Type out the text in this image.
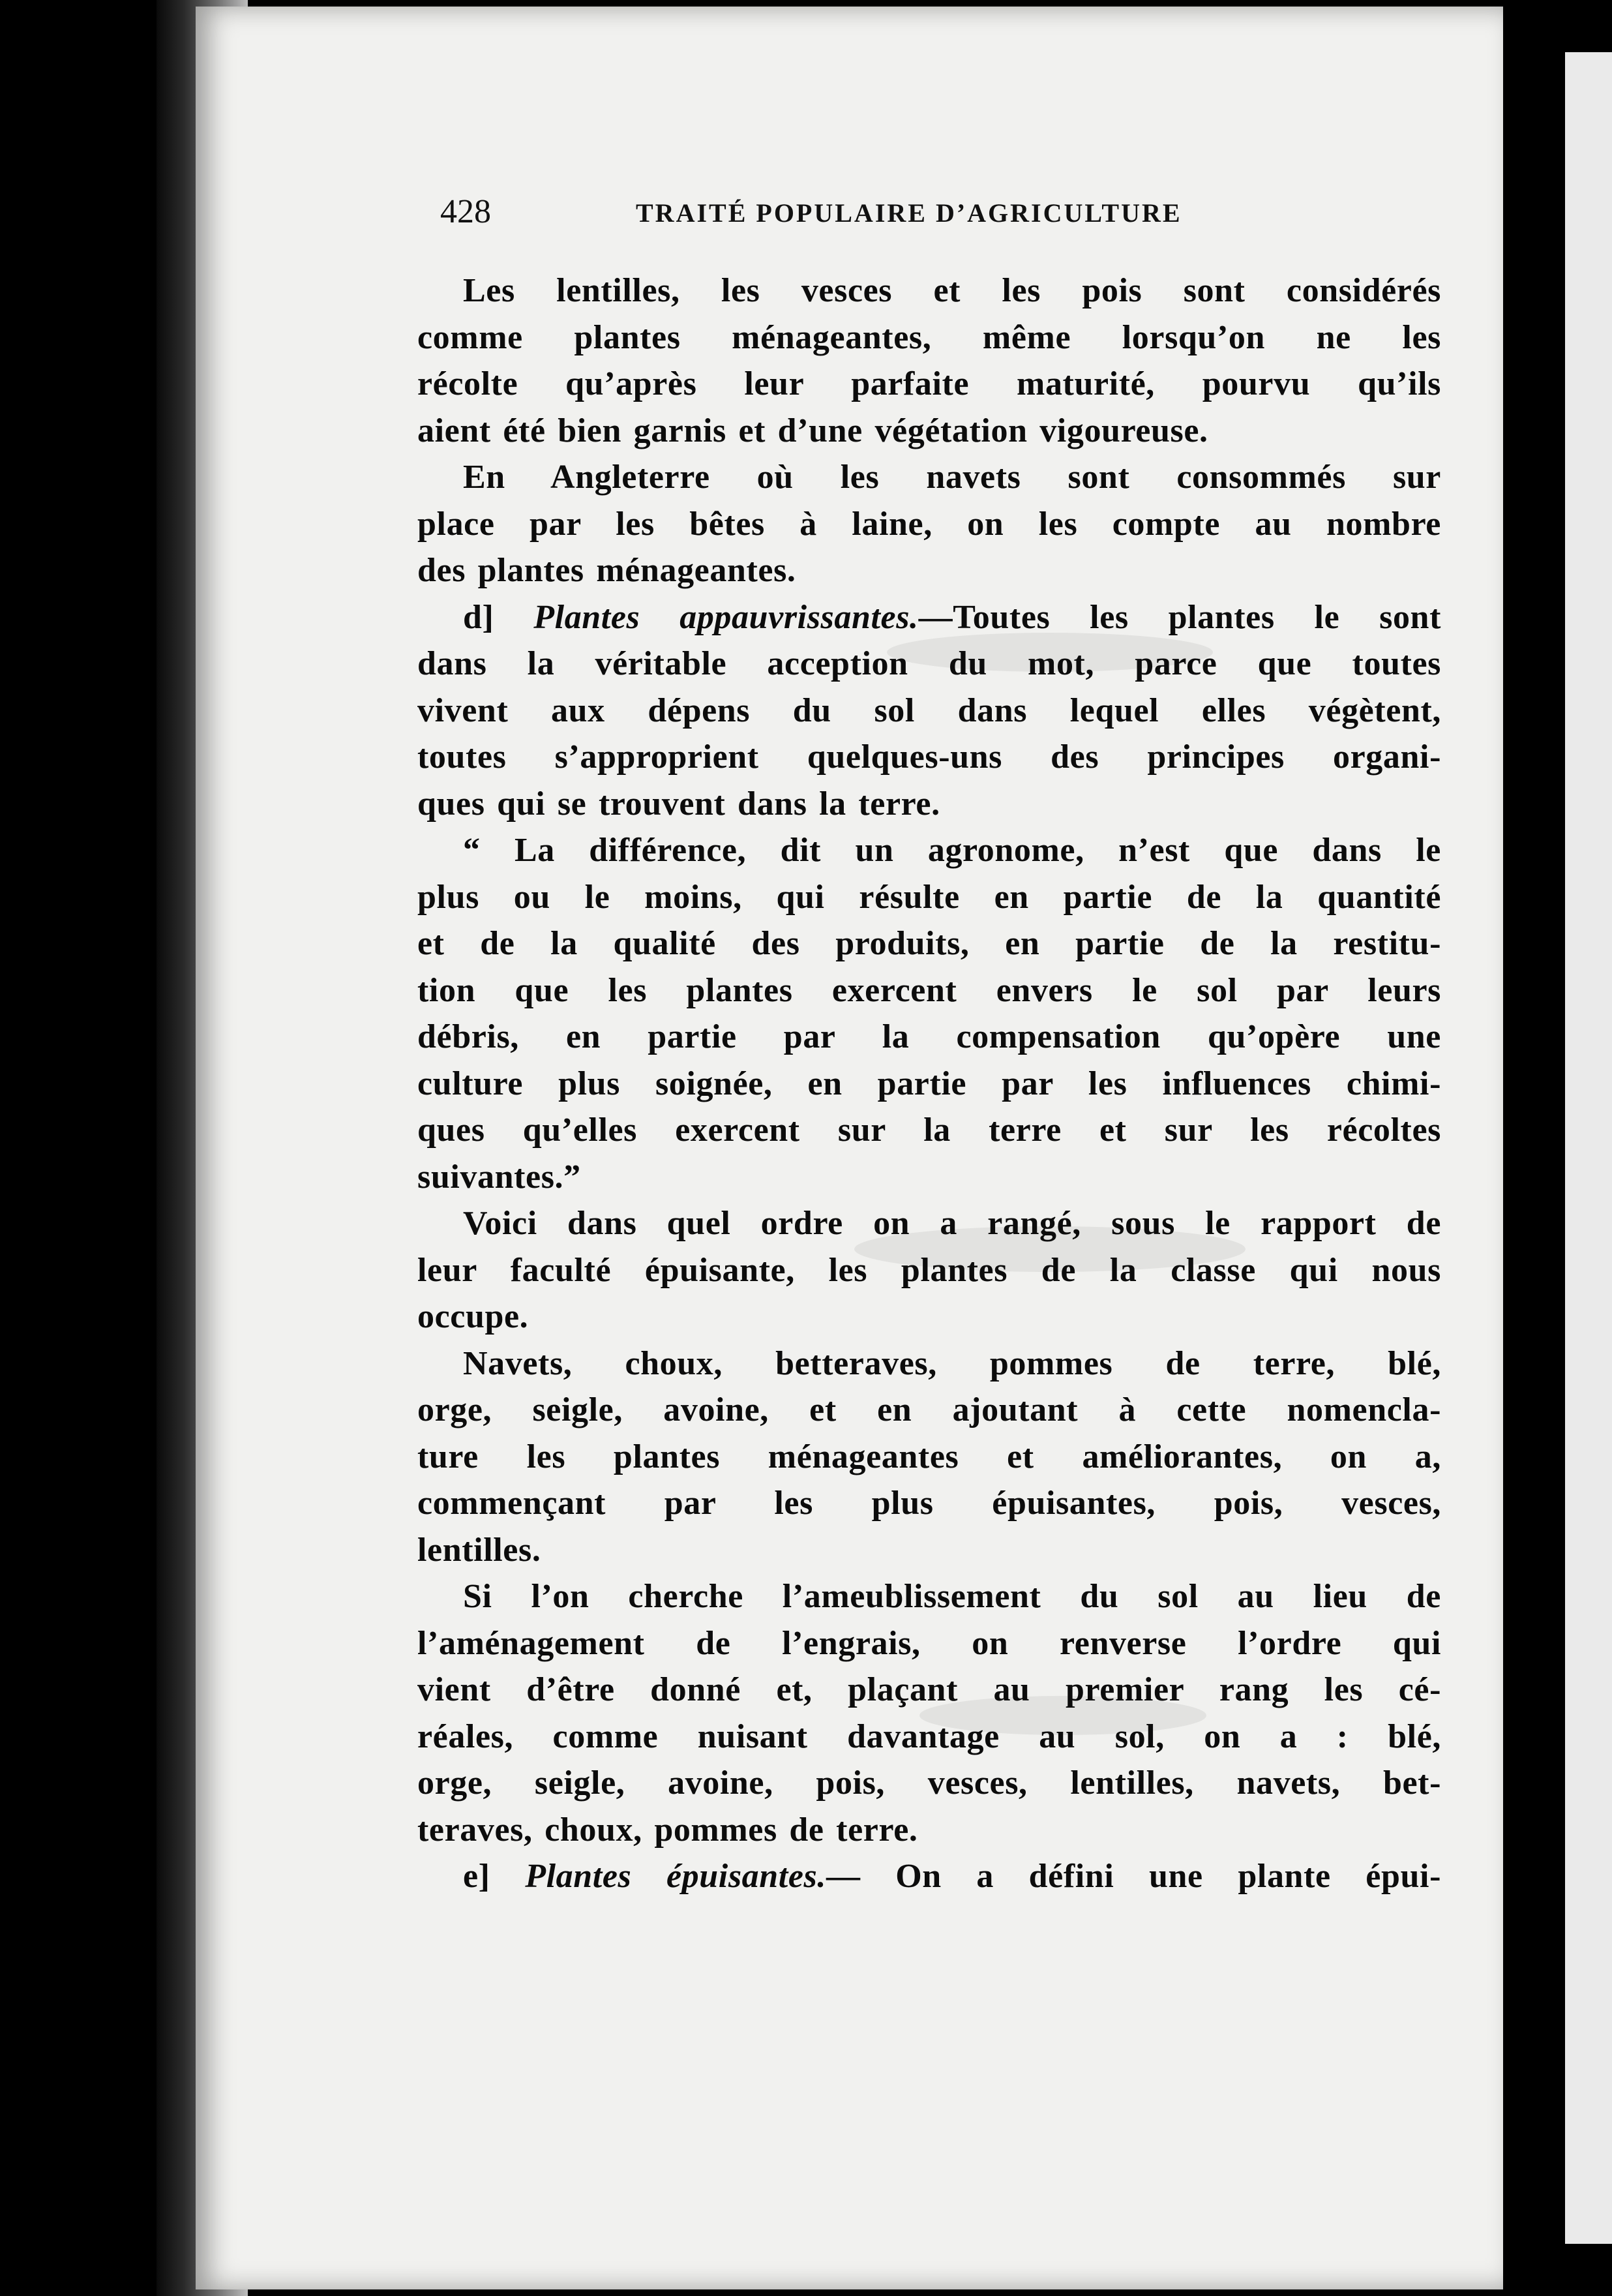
428	TRAITÉ POPULAIRE D’AGRICULTURE
Les lentilles, les vesces et les pois sont considérés
comme plantes ménageantes, même lorsqu’on ne les
récolte qu’après leur parfaite maturité, pourvu qu’ils
aient été bien garnis et d’une végétation vigoureuse.
En Angleterre où les navets sont consommés sur
place par les bêtes à laine, on les compte au nombre
des plantes ménageantes.
d] Plantes appauvrissantes.—Toutes les plantes le sont
dans la véritable acception du mot, parce que toutes
vivent aux dépens du sol dans lequel elles végètent,
toutes s’approprient quelques-uns des principes organi-
ques qui se trouvent dans la terre.
“ La différence, dit un agronome, n’est que dans le
plus ou le moins, qui résulte en partie de la quantité
et de la qualité des produits, en partie de la restitu-
tion que les plantes exercent envers le sol par leurs
débris, en partie par la compensation qu’opère une
culture plus soignée, en partie par les influences chimi-
ques qu’elles exercent sur la terre et sur les récoltes
suivantes.”
Voici dans quel ordre on a rangé, sous le rapport de
leur faculté épuisante, les plantes de la classe qui nous
occupe.
Navets, choux, betteraves, pommes de terre, blé,
orge, seigle, avoine, et en ajoutant à cette nomencla-
ture les plantes ménageantes et améliorantes, on a,
commençant par les plus épuisantes, pois, vesces,
lentilles.
Si l’on cherche l’ameublissement du sol au lieu de
l’aménagement de l’engrais, on renverse l’ordre qui
vient d’être donné et, plaçant au premier rang les cé-
réales, comme nuisant davantage au sol, on a : blé,
orge, seigle, avoine, pois, vesces, lentilles, navets, bet-
teraves, choux, pommes de terre.
e] Plantes épuisantes.— On a défini une plante épui-
